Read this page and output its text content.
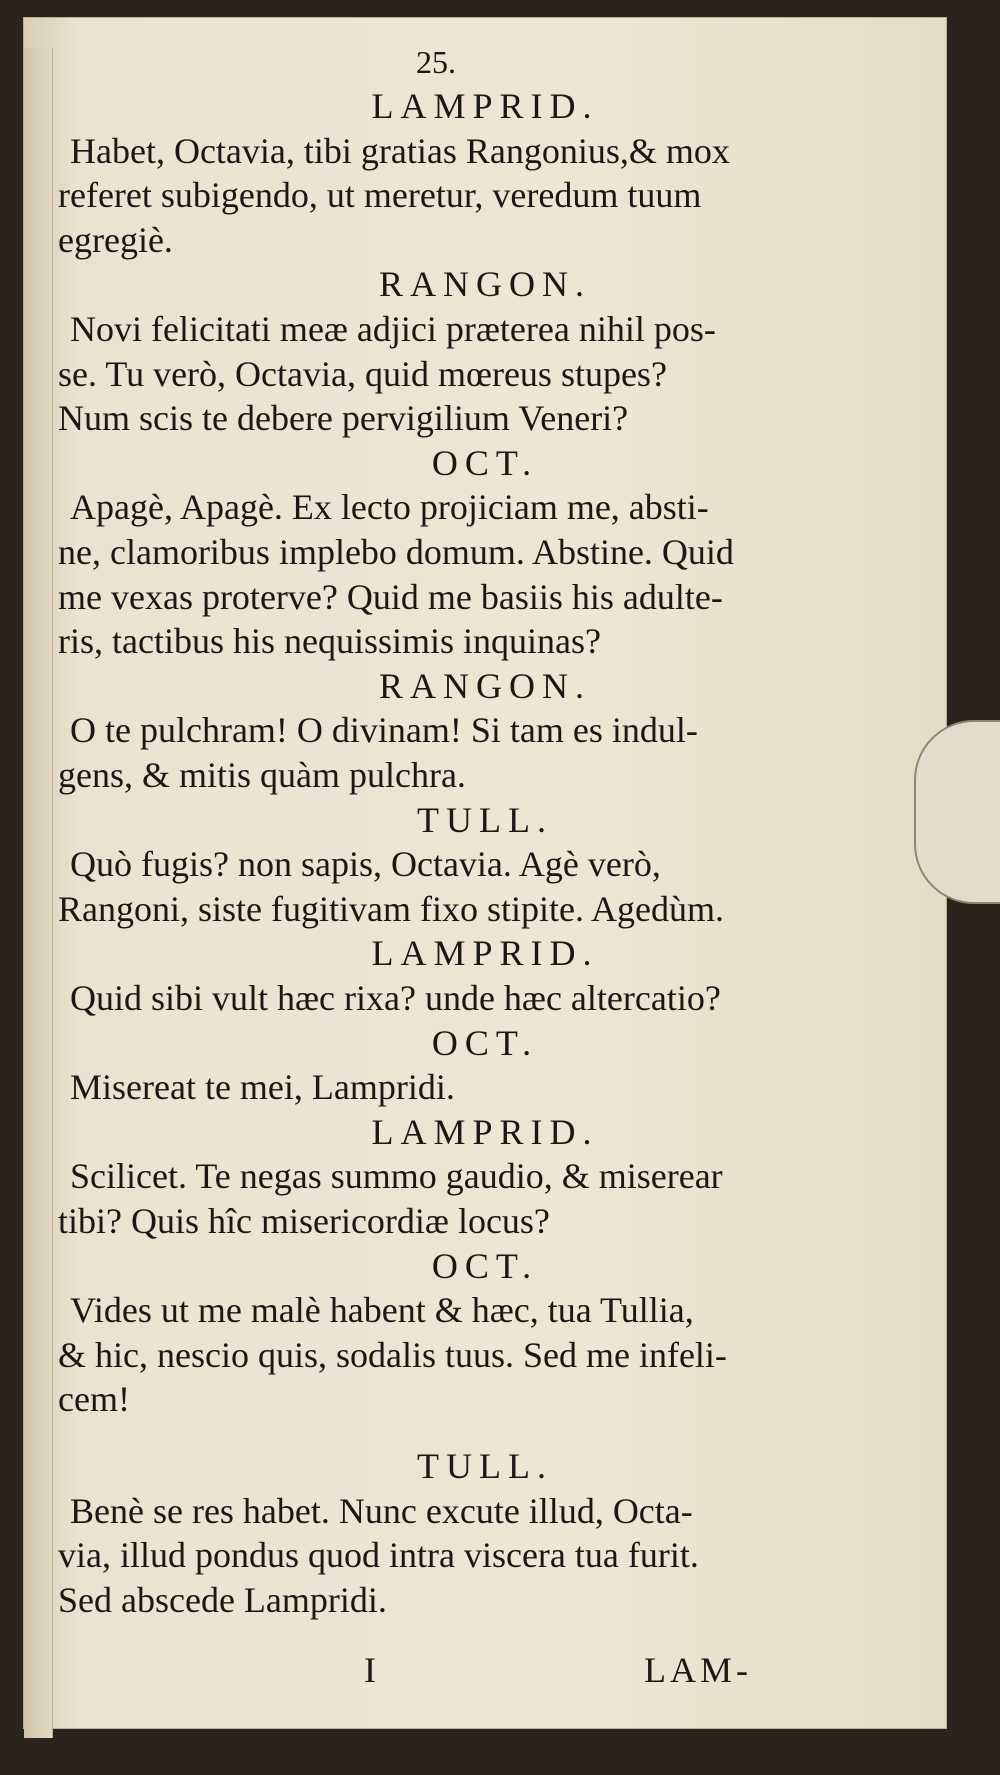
25.

LAMPRID.

Habet, Octavia, tibi gratias Rangonius,& mox

referet subigendo, ut meretur, veredum tuum

egregiè.

RANGON.

Novi felicitati meæ adjici præterea nihil pos-

se. Tu verò, Octavia, quid mœreus stupes?

Num scis te debere pervigilium Veneri?

OCT.

Apagè, Apagè. Ex lecto projiciam me, absti-

ne, clamoribus implebo domum. Abstine. Quid

me vexas proterve? Quid me basiis his adulte-

ris, tactibus his nequissimis inquinas?

RANGON.

O te pulchram! O divinam! Si tam es indul-

gens, & mitis quàm pulchra.

TULL.

Quò fugis? non sapis, Octavia. Agè verò,

Rangoni, siste fugitivam fixo stipite. Agedùm.

LAMPRID.

Quid sibi vult hæc rixa? unde hæc altercatio?

OCT.

Misereat te mei, Lampridi.

LAMPRID.

Scilicet. Te negas summo gaudio, & miserear

tibi? Quis hîc misericordiæ locus?

OCT.

Vides ut me malè habent & hæc, tua Tullia,

& hic, nescio quis, sodalis tuus. Sed me infeli-

cem!

TULL.

Benè se res habet. Nunc excute illud, Octa-

via, illud pondus quod intra viscera tua furit.

Sed abscede Lampridi.

I	LAM-
